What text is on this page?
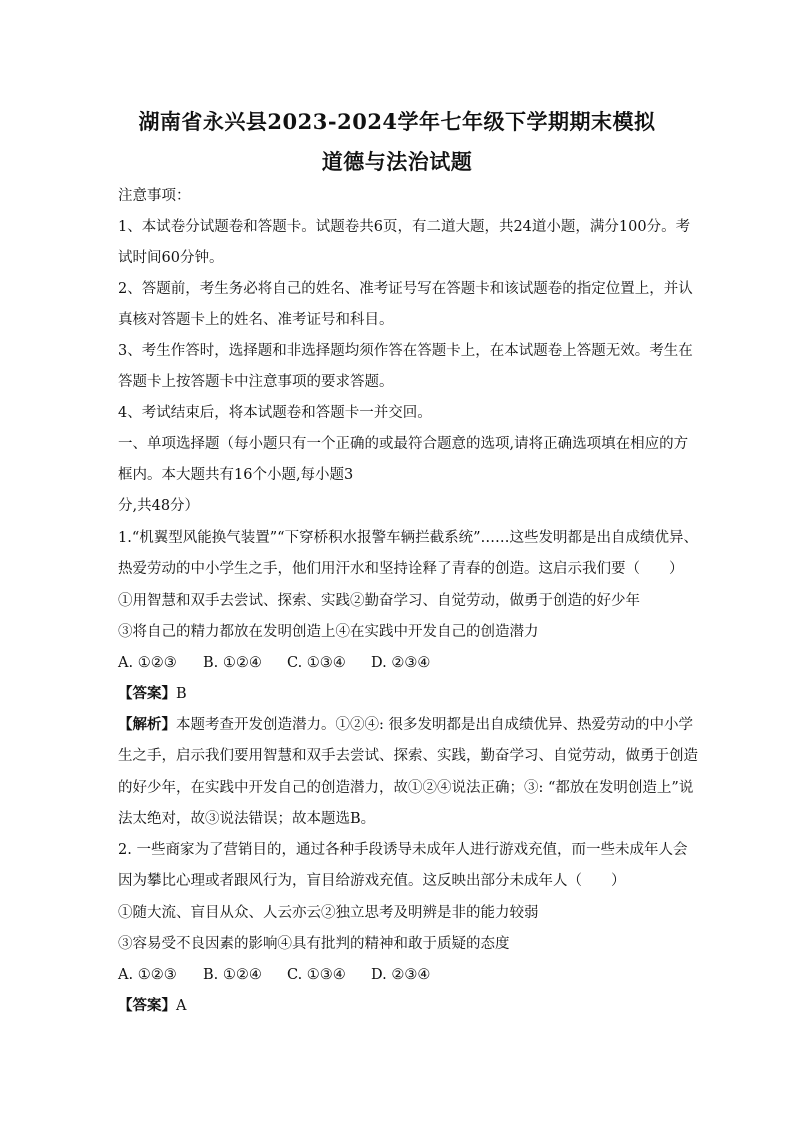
湖南省永兴县2023-2024学年七年级下学期期末模拟
道德与法治试题
注意事项：
1、本试卷分试题卷和答题卡。试题卷共6页，有二道大题，共24道小题，满分100分。考
试时间60分钟。
2、答题前，考生务必将自己的姓名、准考证号写在答题卡和该试题卷的指定位置上，并认
真核对答题卡上的姓名、准考证号和科目。
3、考生作答时，选择题和非选择题均须作答在答题卡上，在本试题卷上答题无效。考生在
答题卡上按答题卡中注意事项的要求答题。
4、考试结束后，将本试题卷和答题卡一并交回。
一、单项选择题（每小题只有一个正确的或最符合题意的选项,请将正确选项填在相应的方
框内。本大题共有16个小题,每小题3
分,共48分）
1.“机翼型风能换气装置”“下穿桥积水报警车辆拦截系统”……这些发明都是出自成绩优异、
热爱劳动的中小学生之手，他们用汗水和坚持诠释了青春的创造。这启示我们要（　　）
①用智慧和双手去尝试、探索、实践②勤奋学习、自觉劳动，做勇于创造的好少年
③将自己的精力都放在发明创造上④在实践中开发自己的创造潜力
A. ①②③ B. ①②④ C. ①③④ D. ②③④
【答案】B
【解析】本题考查开发创造潜力。①②④: 很多发明都是出自成绩优异、热爱劳动的中小学
生之手，启示我们要用智慧和双手去尝试、探索、实践，勤奋学习、自觉劳动，做勇于创造
的好少年，在实践中开发自己的创造潜力，故①②④说法正确；③: “都放在发明创造上”说
法太绝对，故③说法错误；故本题选B。
2. 一些商家为了营销目的，通过各种手段诱导未成年人进行游戏充值，而一些未成年人会
因为攀比心理或者跟风行为，盲目给游戏充值。这反映出部分未成年人（　　）
①随大流、盲目从众、人云亦云②独立思考及明辨是非的能力较弱
③容易受不良因素的影响④具有批判的精神和敢于质疑的态度
A. ①②③ B. ①②④ C. ①③④ D. ②③④
【答案】A
